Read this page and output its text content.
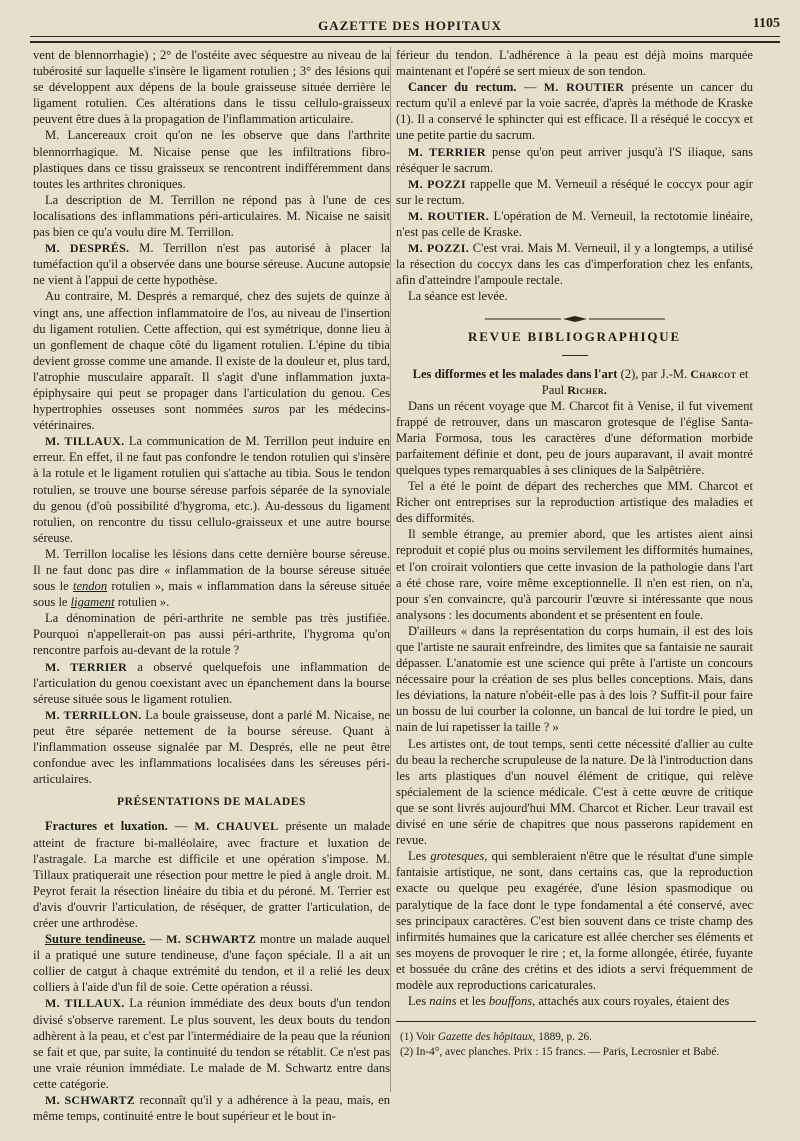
GAZETTE DES HOPITAUX	1105

vent de blennorrhagie) ; 2° de l'ostéite avec séquestre au niveau de la tubérosité sur laquelle s'insère le ligament rotulien ; 3° des lésions qui se développent aux dépens de la boule graisseuse située derrière le ligament rotulien. Ces altérations dans le tissu cellulo-graisseux peuvent être dues à la propagation de l'inflammation articulaire.

M. Lancereaux croit qu'on ne les observe que dans l'arthrite blennorrhagique. M. Nicaise pense que les infiltrations fibro-plastiques dans ce tissu graisseux se rencontrent indifféremment dans toutes les arthrites chroniques.

La description de M. Terrillon ne répond pas à l'une de ces localisations des inflammations péri-articulaires. M. Nicaise ne saisit pas bien ce qu'a voulu dire M. Terrillon.

M. DESPRÉS. M. Terrillon n'est pas autorisé à placer la tuméfaction qu'il a observée dans une bourse séreuse. Aucune autopsie ne vient à l'appui de cette hypothèse.

Au contraire, M. Després a remarqué, chez des sujets de quinze à vingt ans, une affection inflammatoire de l'os, au niveau de l'insertion du ligament rotulien. Cette affection, qui est symétrique, donne lieu à un gonflement de chaque côté du ligament rotulien. L'épine du tibia devient grosse comme une amande. Il existe de la douleur et, plus tard, l'atrophie musculaire apparaît. Il s'agit d'une inflammation juxta-épiphysaire qui peut se propager dans l'articulation du genou. Ces hypertrophies osseuses sont nommées suros par les médecins-vétérinaires.

M. TILLAUX. La communication de M. Terrillon peut induire en erreur. En effet, il ne faut pas confondre le tendon rotulien qui s'insère à la rotule et le ligament rotulien qui s'attache au tibia. Sous le tendon rotulien, se trouve une bourse séreuse parfois séparée de la synoviale du genou (d'où possibilité d'hygroma, etc.). Au-dessous du ligament rotulien, on rencontre du tissu cellulo-graisseux et une autre bourse séreuse.

M. Terrillon localise les lésions dans cette dernière bourse séreuse. Il ne faut donc pas dire « inflammation de la bourse séreuse située sous le tendon rotulien », mais « inflammation dans la séreuse située sous le ligament rotulien ».

La dénomination de péri-arthrite ne semble pas très justifiée. Pourquoi n'appellerait-on pas aussi péri-arthrite, l'hygroma qu'on rencontre parfois au-devant de la rotule ?

M. TERRIER a observé quelquefois une inflammation de l'articulation du genou coexistant avec un épanchement dans la bourse séreuse située sous le ligament rotulien.

M. TERRILLON. La boule graisseuse, dont a parlé M. Nicaise, ne peut être séparée nettement de la bourse séreuse. Quant à l'inflammation osseuse signalée par M. Després, elle ne peut être confondue avec les inflammations localisées dans les séreuses péri-articulaires.

PRÉSENTATIONS DE MALADES

Fractures et luxation. — M. CHAUVEL présente un malade atteint de fracture bi-malléolaire, avec fracture et luxation de l'astragale. La marche est difficile et une opération s'impose. M. Tillaux pratiquerait une résection pour mettre le pied à angle droit. M. Peyrot ferait la résection linéaire du tibia et du péroné. M. Terrier est d'avis d'ouvrir l'articulation, de réséquer, de gratter l'articulation, de créer une arthrodèse.

Suture tendineuse. — M. SCHWARTZ montre un malade auquel il a pratiqué une suture tendineuse, d'une façon spéciale. Il a ait un collier de catgut à chaque extrémité du tendon, et il a relié les deux colliers à l'aide d'un fil de soie. Cette opération a réussi.

M. TILLAUX. La réunion immédiate des deux bouts d'un tendon divisé s'observe rarement. Le plus souvent, les deux bouts du tendon adhèrent à la peau, et c'est par l'intermédiaire de la peau que la réunion se fait et que, par suite, la continuité du tendon se rétablit. Ce n'est pas une vraie réunion immédiate. Le malade de M. Schwartz entre dans cette catégorie.

M. SCHWARTZ reconnaît qu'il y a adhérence à la peau, mais, en même temps, continuité entre le bout supérieur et le bout in-

férieur du tendon. L'adhérence à la peau est déjà moins marquée maintenant et l'opéré se sert mieux de son tendon.

Cancer du rectum. — M. ROUTIER présente un cancer du rectum qu'il a enlevé par la voie sacrée, d'après la méthode de Kraske (1). Il a conservé le sphincter qui est efficace. Il a réséqué le coccyx et une petite partie du sacrum.

M. TERRIER pense qu'on peut arriver jusqu'à l'S iliaque, sans réséquer le sacrum.

M. POZZI rappelle que M. Verneuil a réséqué le coccyx pour agir sur le rectum.

M. ROUTIER. L'opération de M. Verneuil, la rectotomie linéaire, n'est pas celle de Kraske.

M. POZZI. C'est vrai. Mais M. Verneuil, il y a longtemps, a utilisé la résection du coccyx dans les cas d'imperforation chez les enfants, afin d'atteindre l'ampoule rectale.

La séance est levée.

REVUE BIBLIOGRAPHIQUE

Les difformes et les malades dans l'art (2), par J.-M. Charcot et Paul Richer.

Dans un récent voyage que M. Charcot fit à Venise, il fut vivement frappé de retrouver, dans un mascaron grotesque de l'église Santa-Maria Formosa, tous les caractères d'une déformation morbide parfaitement définie et dont, peu de jours auparavant, il avait montré quelques types remarquables à ses cliniques de la Salpêtrière.

Tel a été le point de départ des recherches que MM. Charcot et Richer ont entreprises sur la reproduction artistique des maladies et des difformités.

Il semble étrange, au premier abord, que les artistes aient ainsi reproduit et copié plus ou moins servilement les difformités humaines, et l'on croirait volontiers que cette invasion de la pathologie dans l'art a été chose rare, voire même exceptionnelle. Il n'en est rien, on n'a, pour s'en convaincre, qu'à parcourir l'œuvre si intéressante que nous analysons : les documents abondent et se présentent en foule.

D'ailleurs « dans la représentation du corps humain, il est des lois que l'artiste ne saurait enfreindre, des limites que sa fantaisie ne saurait dépasser. L'anatomie est une science qui prête à l'artiste un concours nécessaire pour la création de ses plus belles conceptions. Mais, dans les déviations, la nature n'obéit-elle pas à des lois ? Suffit-il pour faire un bossu de lui courber la colonne, un bancal de lui tordre le pied, un nain de lui rapetisser la taille ? »

Les artistes ont, de tout temps, senti cette nécessité d'allier au culte du beau la recherche scrupuleuse de la nature. De là l'introduction dans les arts plastiques d'un nouvel élément de critique, qui relève spécialement de la science médicale. C'est à cette œuvre de critique que se sont livrés aujourd'hui MM. Charcot et Richer. Leur travail est divisé en une série de chapitres que nous passerons rapidement en revue.

Les grotesques, qui sembleraient n'être que le résultat d'une simple fantaisie artistique, ne sont, dans certains cas, que la reproduction exacte ou quelque peu exagérée, d'une lésion spasmodique ou paralytique de la face dont le type fondamental a été conservé, avec ses principaux caractères. C'est bien souvent dans ce triste champ des infirmités humaines que la caricature est allée chercher ses éléments et ses moyens de provoquer le rire ; et, la forme allongée, étirée, fuyante et bossuée du crâne des crétins et des idiots a servi fréquemment de modèle aux reproductions caricaturales.

Les nains et les bouffons, attachés aux cours royales, étaient des

(1) Voir Gazette des hôpitaux, 1889, p. 26.

(2) In-4°, avec planches. Prix : 15 francs. — Paris, Lecrosnier et Babé.
